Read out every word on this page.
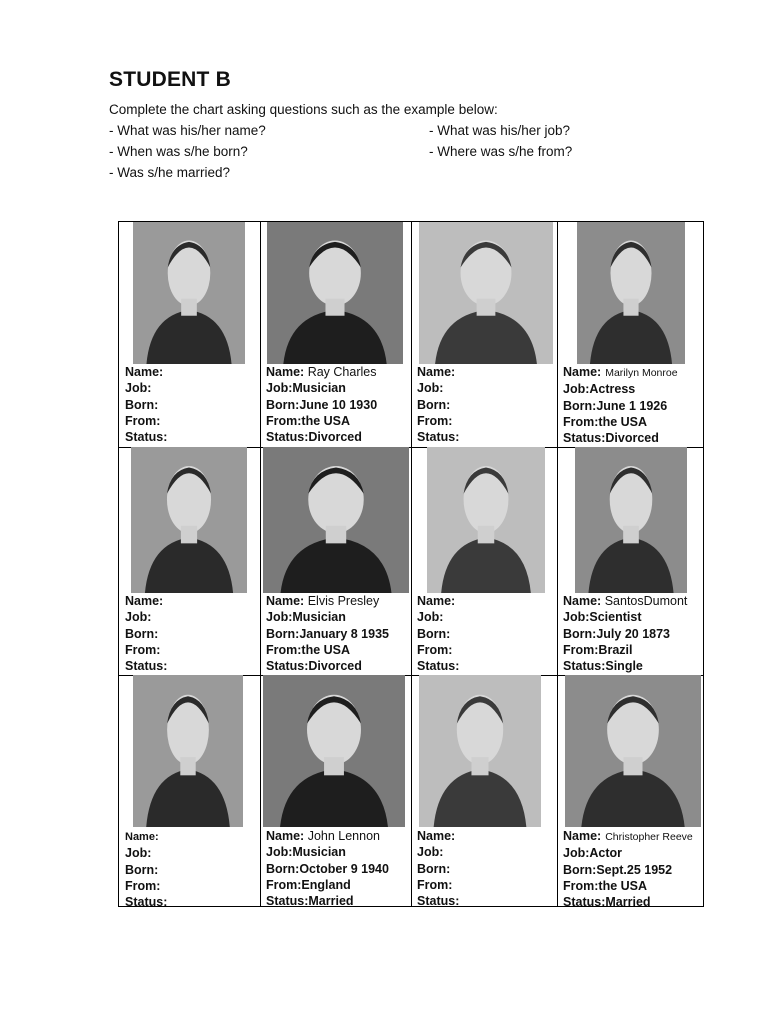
STUDENT B
Complete the chart asking questions such as the example below:
- What was his/her name?	- What was his/her job?
- When was s/he born?	- Where was s/he from?
- Was s/he married?
Name:
Job:
Born:
From:
Status:
Name: Ray Charles
Job:Musician
Born:June 10 1930
From:the USA
Status:Divorced
Name:
Job:
Born:
From:
Status:
Name: Marilyn Monroe
Job:Actress
Born:June 1 1926
From:the USA
Status:Divorced
Name:
Job:
Born:
From:
Status:
Name: Elvis Presley
Job:Musician
Born:January 8 1935
From:the USA
Status:Divorced
Name:
Job:
Born:
From:
Status:
Name: SantosDumont
Job:Scientist
Born:July 20 1873
From:Brazil
Status:Single
Name:
Job:
Born:
From:
Status:
Name: John Lennon
Job:Musician
Born:October 9 1940
From:England
Status:Married
Name:
Job:
Born:
From:
Status:
Name: Christopher Reeve
Job:Actor
Born:Sept.25 1952
From:the USA
Status:Married
